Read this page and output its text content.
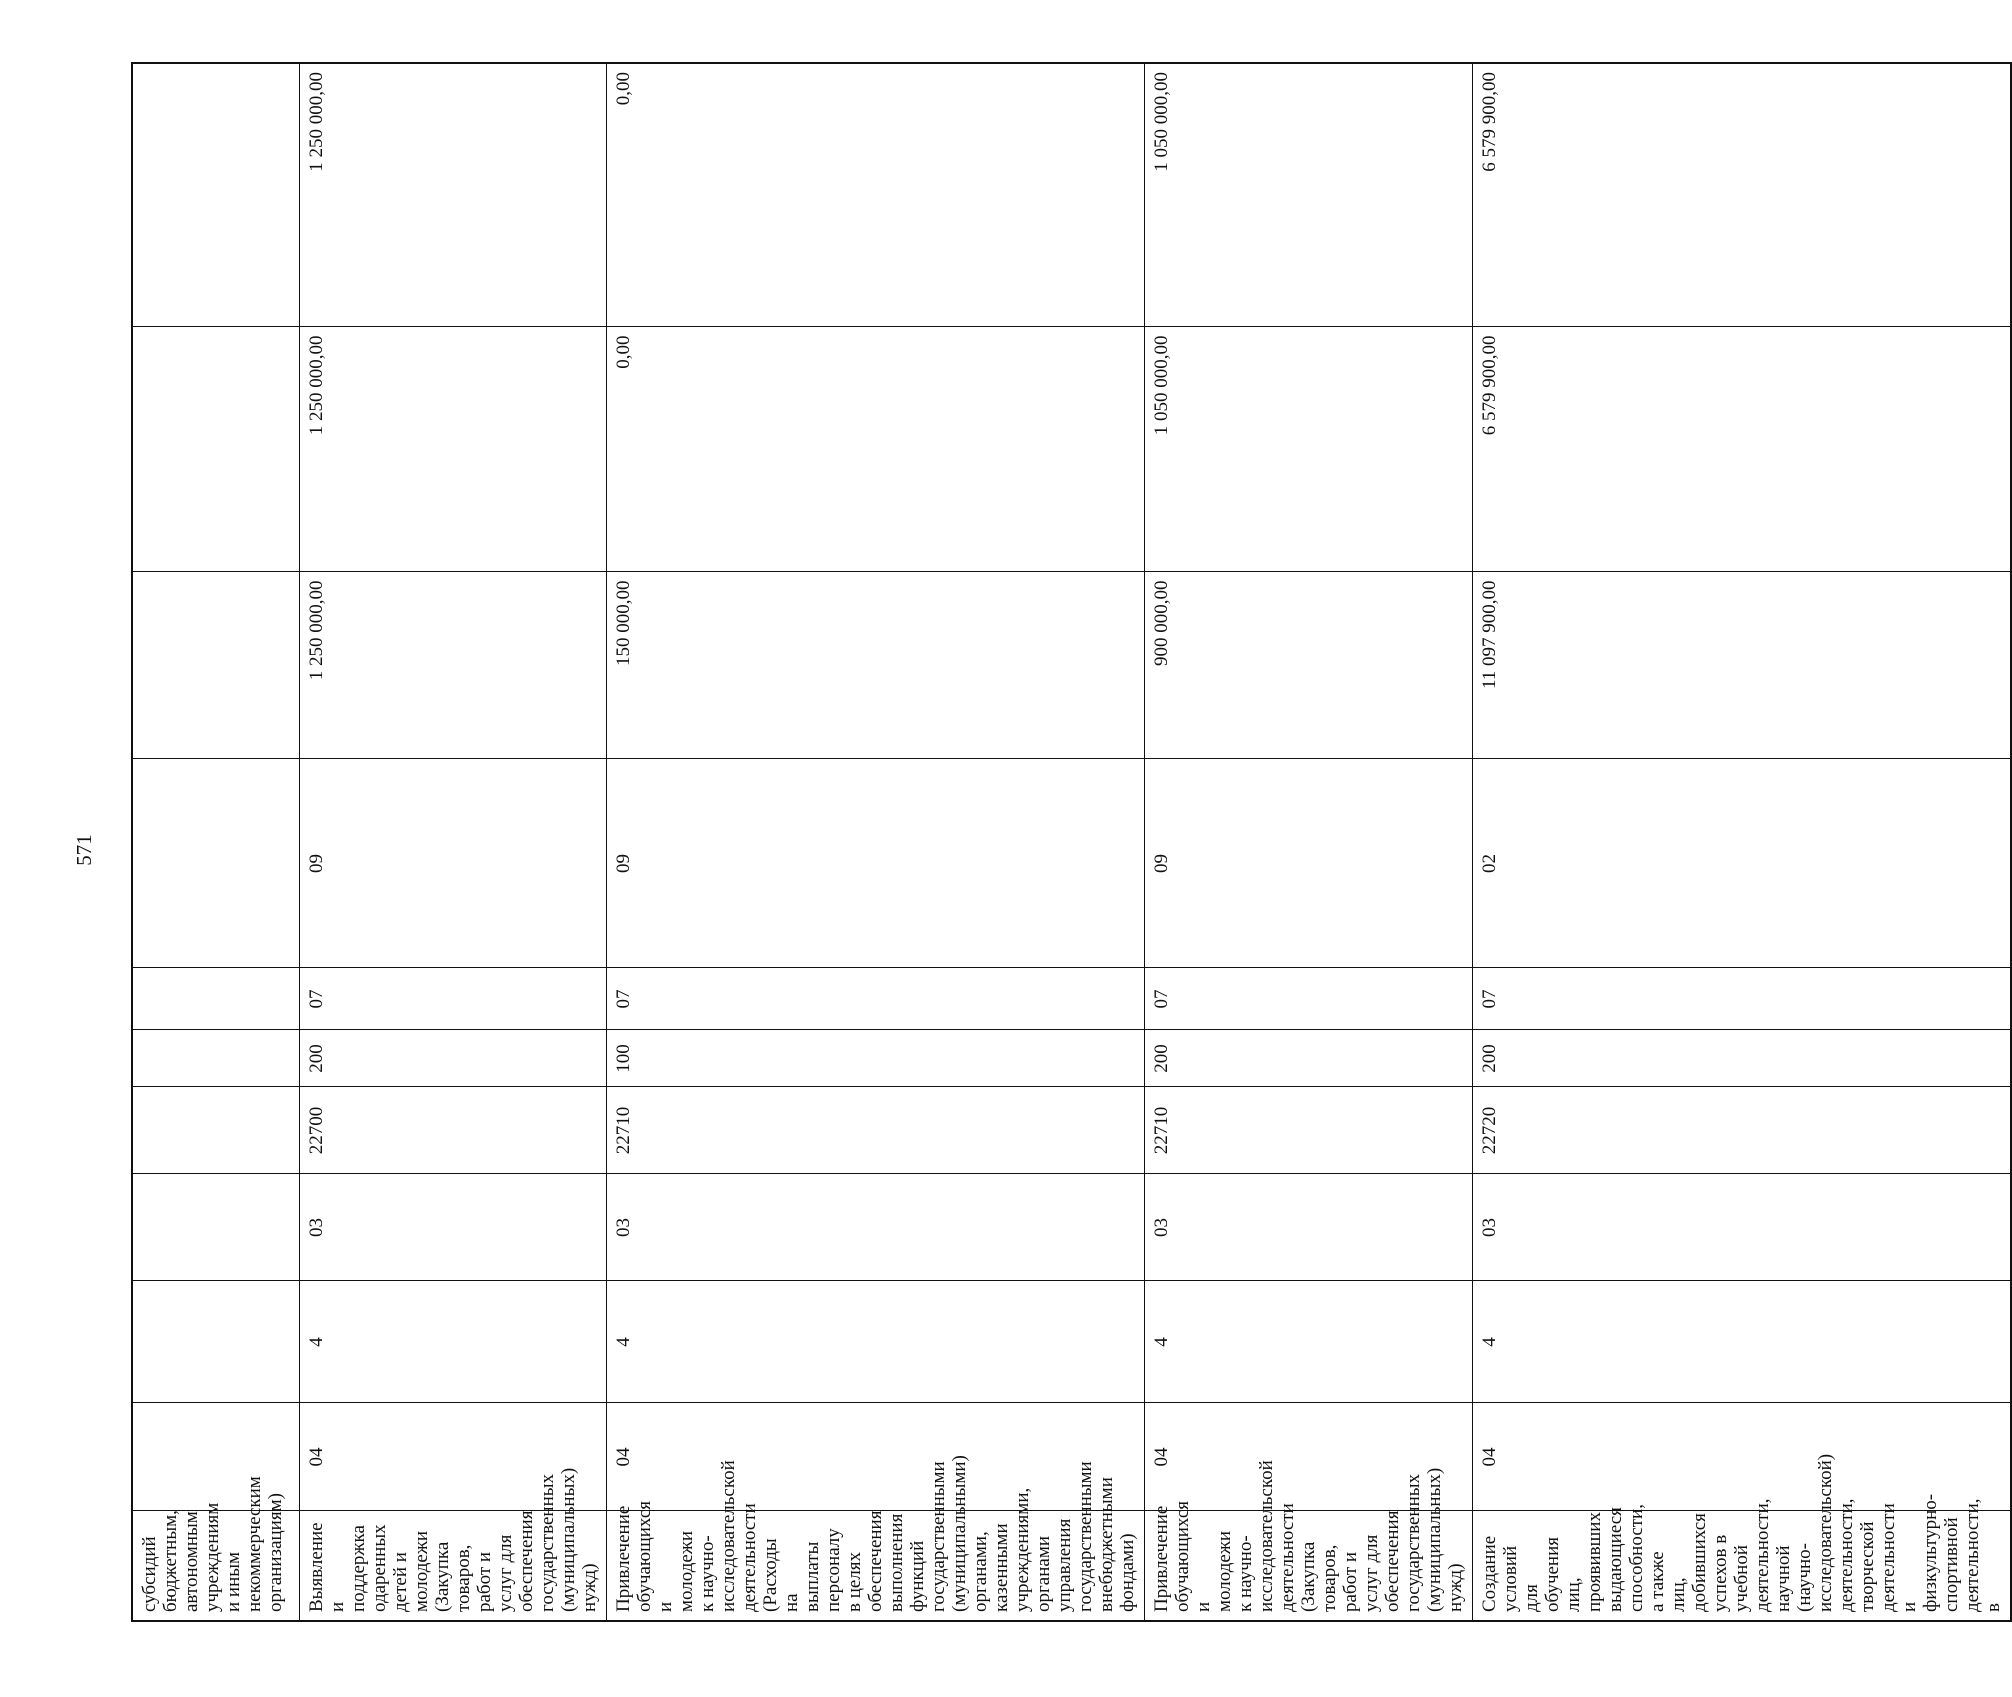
571
субсидий бюджетным, автономным учреждениям и иным некоммерческим организациям)										
Выявление и поддержка одаренных детей и молодежи (Закупка товаров, работ и услуг для обеспечения государственных (муниципальных) нужд)	04	4	03	22700	200	07	09	1 250 000,00	1 250 000,00	1 250 000,00
Привлечение обучающихся и молодежи к научно-исследовательской деятельности (Расходы на выплаты персоналу в целях обеспечения выполнения функций государственными (муниципальными) органами, казенными учреждениями, органами управления государственными внебюджетными фондами)	04	4	03	22710	100	07	09	150 000,00	0,00	0,00
Привлечение обучающихся и молодежи к научно-исследовательской деятельности (Закупка товаров, работ и услуг для обеспечения государственных (муниципальных) нужд)	04	4	03	22710	200	07	09	900 000,00	1 050 000,00	1 050 000,00
Создание условий для обучения лиц, проявивших выдающиеся способности, а также лиц, добившихся успехов в учебной деятельности, научной (научно-исследовательской) деятельности, творческой деятельности и физкультурно-спортивной деятельности, в	04	4	03	22720	200	07	02	11 097 900,00	6 579 900,00	6 579 900,00
